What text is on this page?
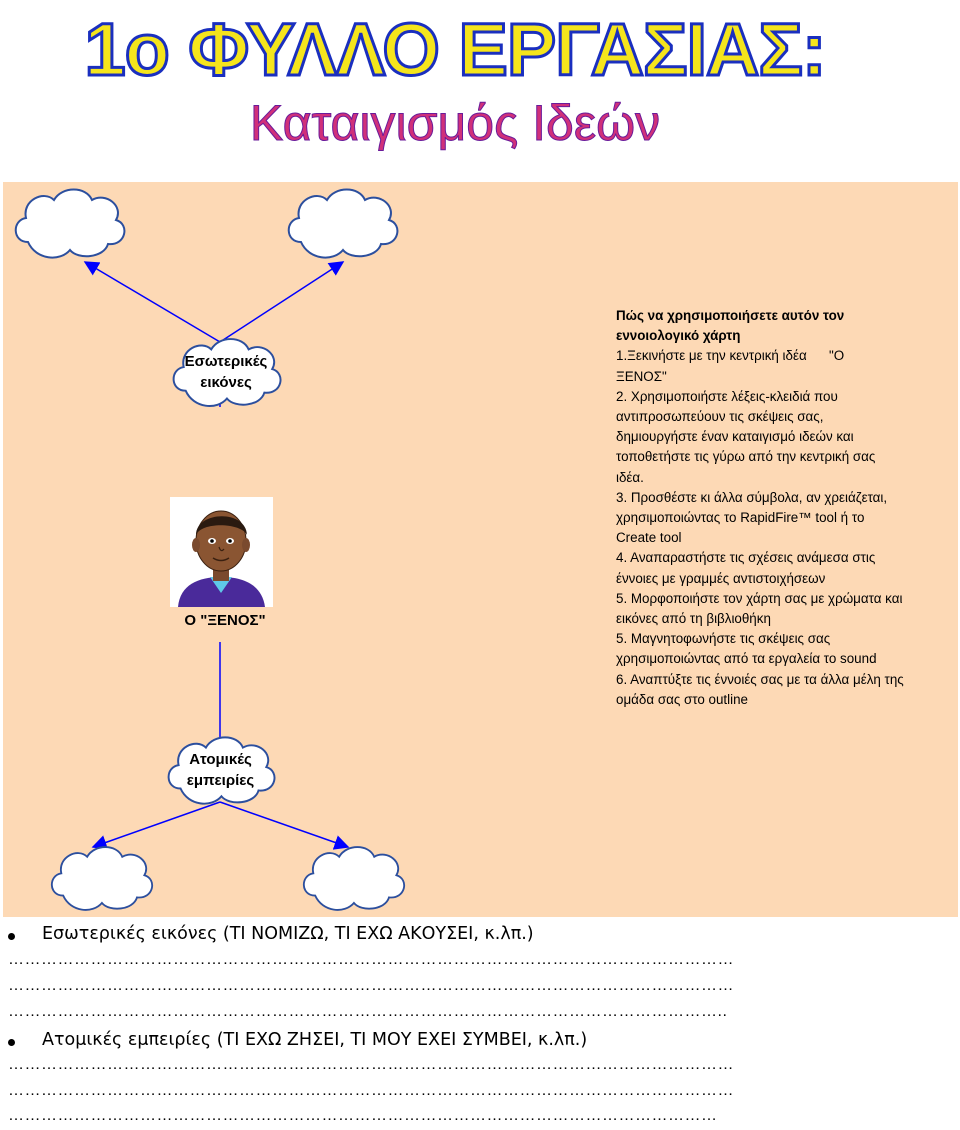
1ο ΦΥΛΛΟ ΕΡΓΑΣΙΑΣ:
Καταιγισμός Ιδεών
Εσωτερικές
εικόνες
Ατομικές
εμπειρίες
Ο "ΞΕΝΟΣ"

Πώς να χρησιμοποιήσετε αυτόν τον

εννοιολογικό χάρτη

1.Ξεκινήστε με την κεντρική ιδέα      "Ο

ΞΕΝΟΣ"

2. Χρησιμοποιήστε λέξεις-κλειδιά που

αντιπροσωπεύουν τις σκέψεις σας,

δημιουργήστε έναν καταιγισμό ιδεών και

τοποθετήστε τις γύρω από την κεντρική σας

ιδέα.

3. Προσθέστε κι άλλα σύμβολα, αν χρειάζεται,

χρησιμοποιώντας το RapidFire™ tool ή το

Create tool

4. Αναπαραστήστε τις σχέσεις ανάμεσα στις

έννοιες με γραμμές αντιστοιχήσεων

5. Μορφοποιήστε τον χάρτη σας με χρώματα και

εικόνες από τη βιβλιοθήκη

5. Μαγνητοφωνήστε τις σκέψεις σας

χρησιμοποιώντας από τα εργαλεία το sound

6. Αναπτύξτε τις έννοιές σας με τα άλλα μέλη της

ομάδα σας στο outline

Εσωτερικές εικόνες (ΤΙ ΝΟΜΙΖΩ, ΤΙ ΕΧΩ ΑΚΟΥΣΕΙ, κ.λπ.)
……………………………………………………………………………………………………………………
……………………………………………………………………………………………………………………
…………………………………………………………………………………………………………………..
Ατομικές εμπειρίες (ΤΙ ΕΧΩ ΖΗΣΕΙ, ΤΙ ΜΟΥ ΕΧΕΙ ΣΥΜΒΕΙ, κ.λπ.)
……………………………………………………………………………………………………………………
……………………………………………………………………………………………………………………
…………………………………………………………………………………………………………………
